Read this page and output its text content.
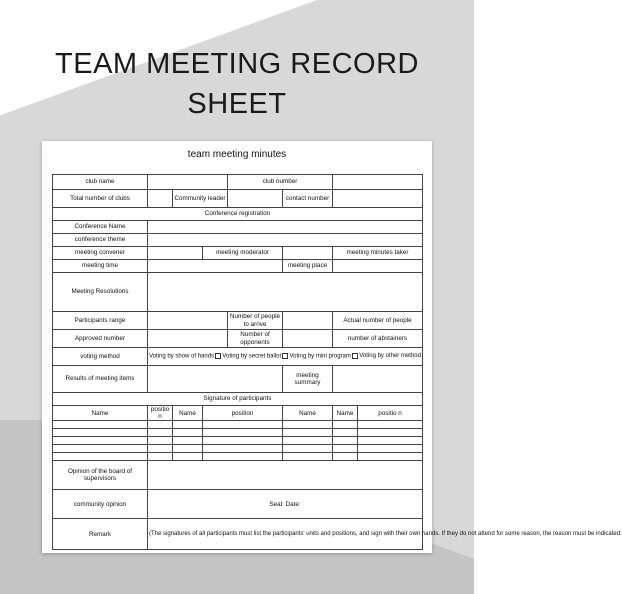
TEAM MEETING RECORD
SHEET
team meeting minutes
club name				club number			
Total number of clubs		Community leader			contact number		
Conference registration							
Conference Name							
conference theme							
meeting convener			meeting moderator			meeting minutes taker	
meeting time					meeting place		
Meeting Resolutions							
Participants range				Number of people to arrive		Actual number of people	
Approved number				Number of opponents		number of abstainers	
voting method	Voting by show of hands Voting by secret ballot Voting by mini program Voting by other method						

Results of meeting items					meeting summary		
Signature of participants							
Name	positio n	Name	position		Name	Name	positio n

Opinion of the board of supervisors							
community opinion	Seal: Date:						
Remark	(The signatures of all participants must list the participants' units and positions, and sign with their own hands. If they do not attend for some reason, the reason must be indicated.						
